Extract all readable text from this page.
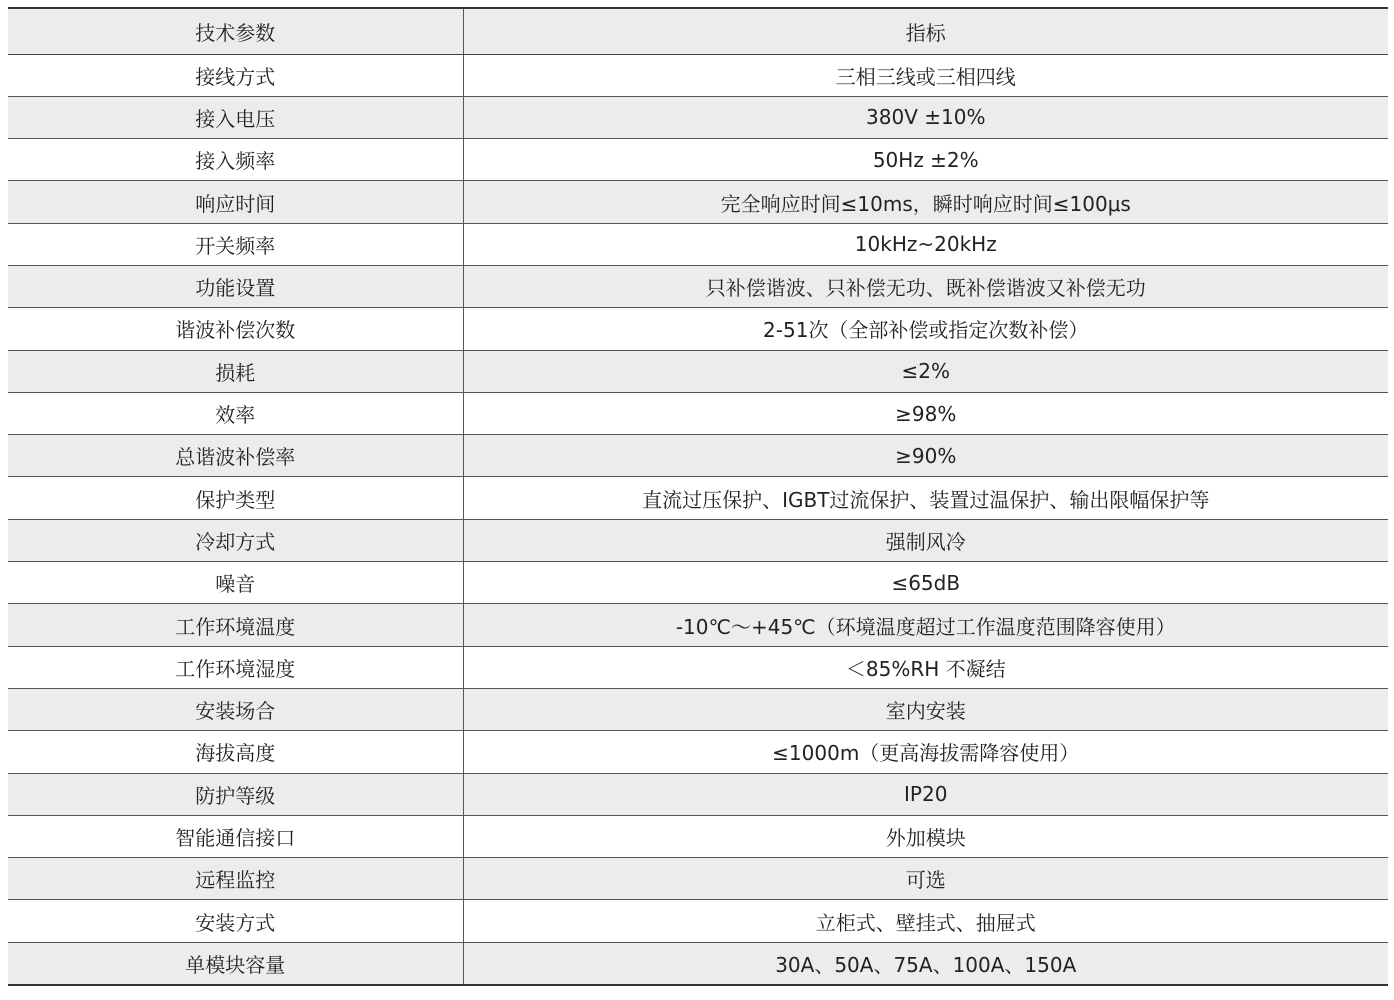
技术参数	指标
接线方式	三相三线或三相四线
接入电压	380V ±10%
接入频率	50Hz ±2%
响应时间	完全响应时间≤10ms，瞬时响应时间≤100μs
开关频率	10kHz~20kHz
功能设置	只补偿谐波、只补偿无功、既补偿谐波又补偿无功
谐波补偿次数	2-51次（全部补偿或指定次数补偿）
损耗	≤2%
效率	≥98%
总谐波补偿率	≥90%
保护类型	直流过压保护、IGBT过流保护、装置过温保护、输出限幅保护等
冷却方式	强制风冷
噪音	≤65dB
工作环境温度	-10℃～+45℃（环境温度超过工作温度范围降容使用）
工作环境湿度	＜85%RH 不凝结
安装场合	室内安装
海拔高度	≤1000m（更高海拔需降容使用）
防护等级	IP20
智能通信接口	外加模块
远程监控	可选
安装方式	立柜式、壁挂式、抽屉式
单模块容量	30A、50A、75A、100A、150A
